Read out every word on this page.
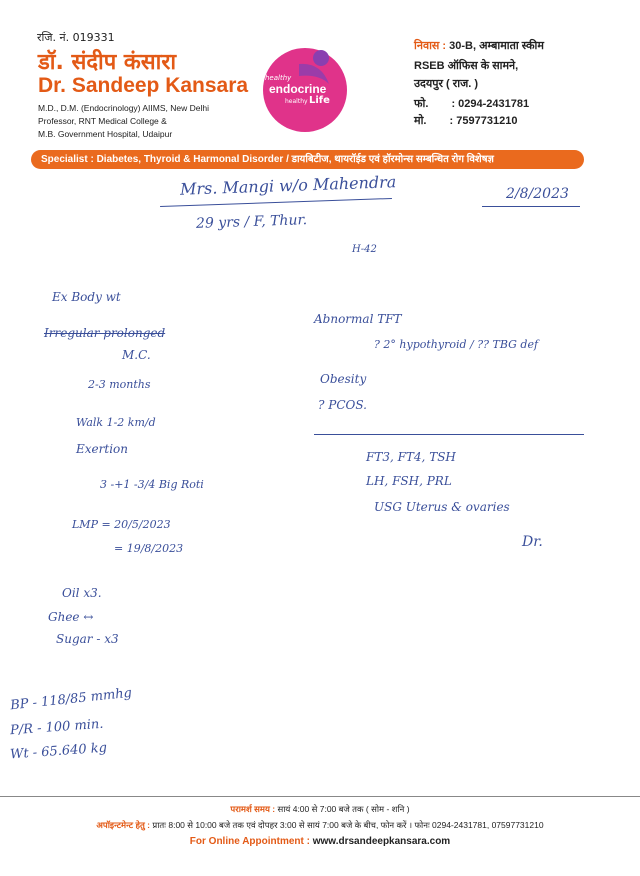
रजि. नं. 019331
डॉ. संदीप कंसारा
Dr. Sandeep Kansara
M.D., D.M. (Endocrinology) AIIMS, New Delhi
Professor, RNT Medical College &
M.B. Government Hospital, Udaipur
healthy
endocrine
healthy Life
निवास : 30-B, अम्बामाता स्कीम
RSEB ऑफिस के सामने,
उदयपुर ( राज. )
फो. : 0294-2431781
मो. : 7597731210
Specialist : Diabetes, Thyroid & Harmonal Disorder / डायबिटीज, थायरॉईड एवं हॉरमोन्स सम्बन्धित रोग विशेषज्ञ
Mrs. Mangi w/o Mahendra
29 yrs / F, Thur.
2/8/2023
H-42
Ex Body wt
Irregular prolonged
M.C.
2-3 months
Walk 1-2 km/d
Exertion
3 -+1 -3/4 Big Roti
LMP = 20/5/2023
= 19/8/2023
Oil x3.
Ghee ↔
Sugar - x3
Abnormal TFT
? 2° hypothyroid / ?? TBG def
Obesity
? PCOS.
FT3, FT4, TSH
LH, FSH, PRL
USG Uterus & ovaries
Dr.
BP - 118/85 mmhg
P/R - 100 min.
Wt - 65.640 kg
परामर्श समय : सायं 4:00 से 7:00 बजे तक ( सोम - शनि )
अपॉइन्टमेन्ट हेतु : प्रातः 8:00 से 10:00 बजे तक एवं दोपहर 3:00 से सायं 7:00 बजे के बीच, फोन करें । फोनः 0294-2431781, 07597731210
For Online Appointment : www.drsandeepkansara.com
